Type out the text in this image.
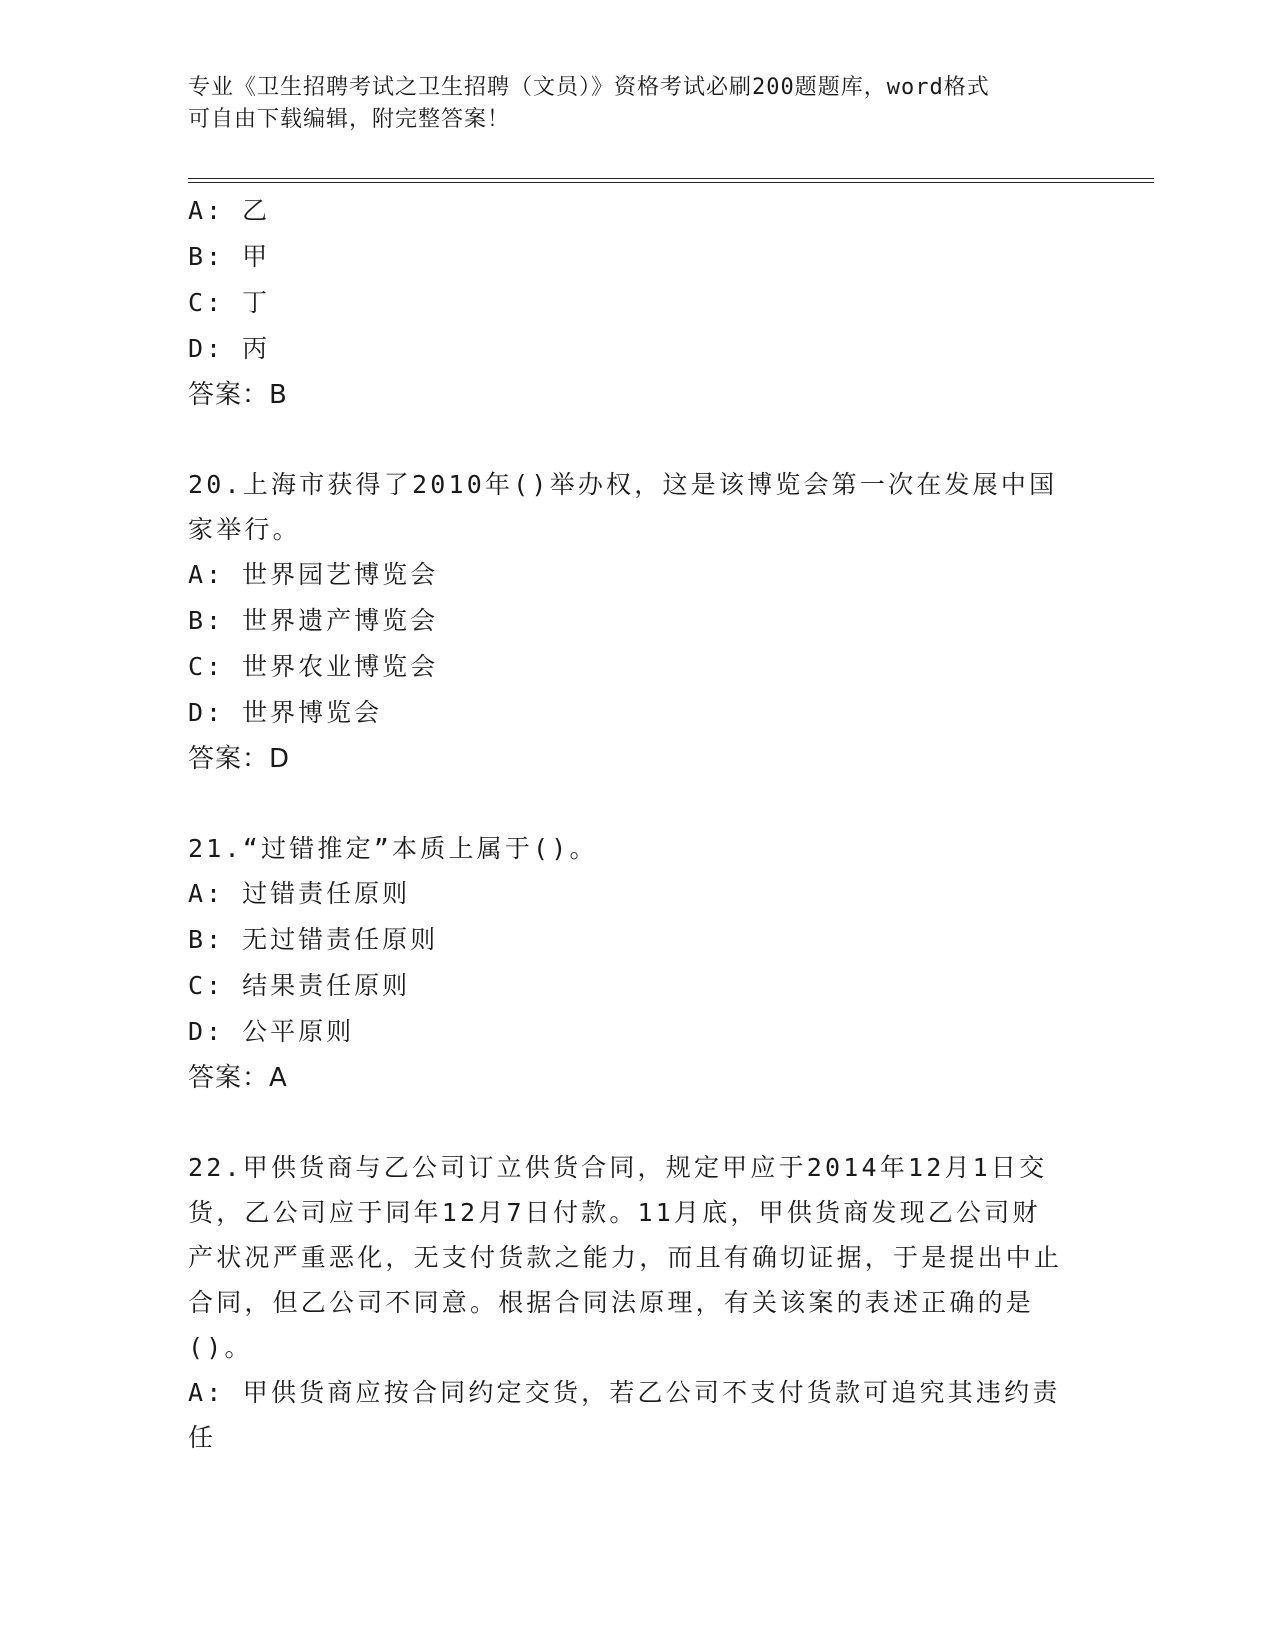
专业《卫生招聘考试之卫生招聘（文员）》资格考试必刷200题题库，word格式
可自由下载编辑，附完整答案！
A: 乙
B: 甲
C: 丁
D: 丙
答案：B
20.上海市获得了2010年()举办权，这是该博览会第一次在发展中国家举行。
A: 世界园艺博览会
B: 世界遗产博览会
C: 世界农业博览会
D: 世界博览会
答案：D
21.“过错推定”本质上属于()。
A: 过错责任原则
B: 无过错责任原则
C: 结果责任原则
D: 公平原则
答案：A
22.甲供货商与乙公司订立供货合同，规定甲应于2014年12月1日交货，乙公司应于同年12月7日付款。11月底，甲供货商发现乙公司财产状况严重恶化，无支付货款之能力，而且有确切证据，于是提出中止合同，但乙公司不同意。根据合同法原理，有关该案的表述正确的是()。
A: 甲供货商应按合同约定交货，若乙公司不支付货款可追究其违约责任
